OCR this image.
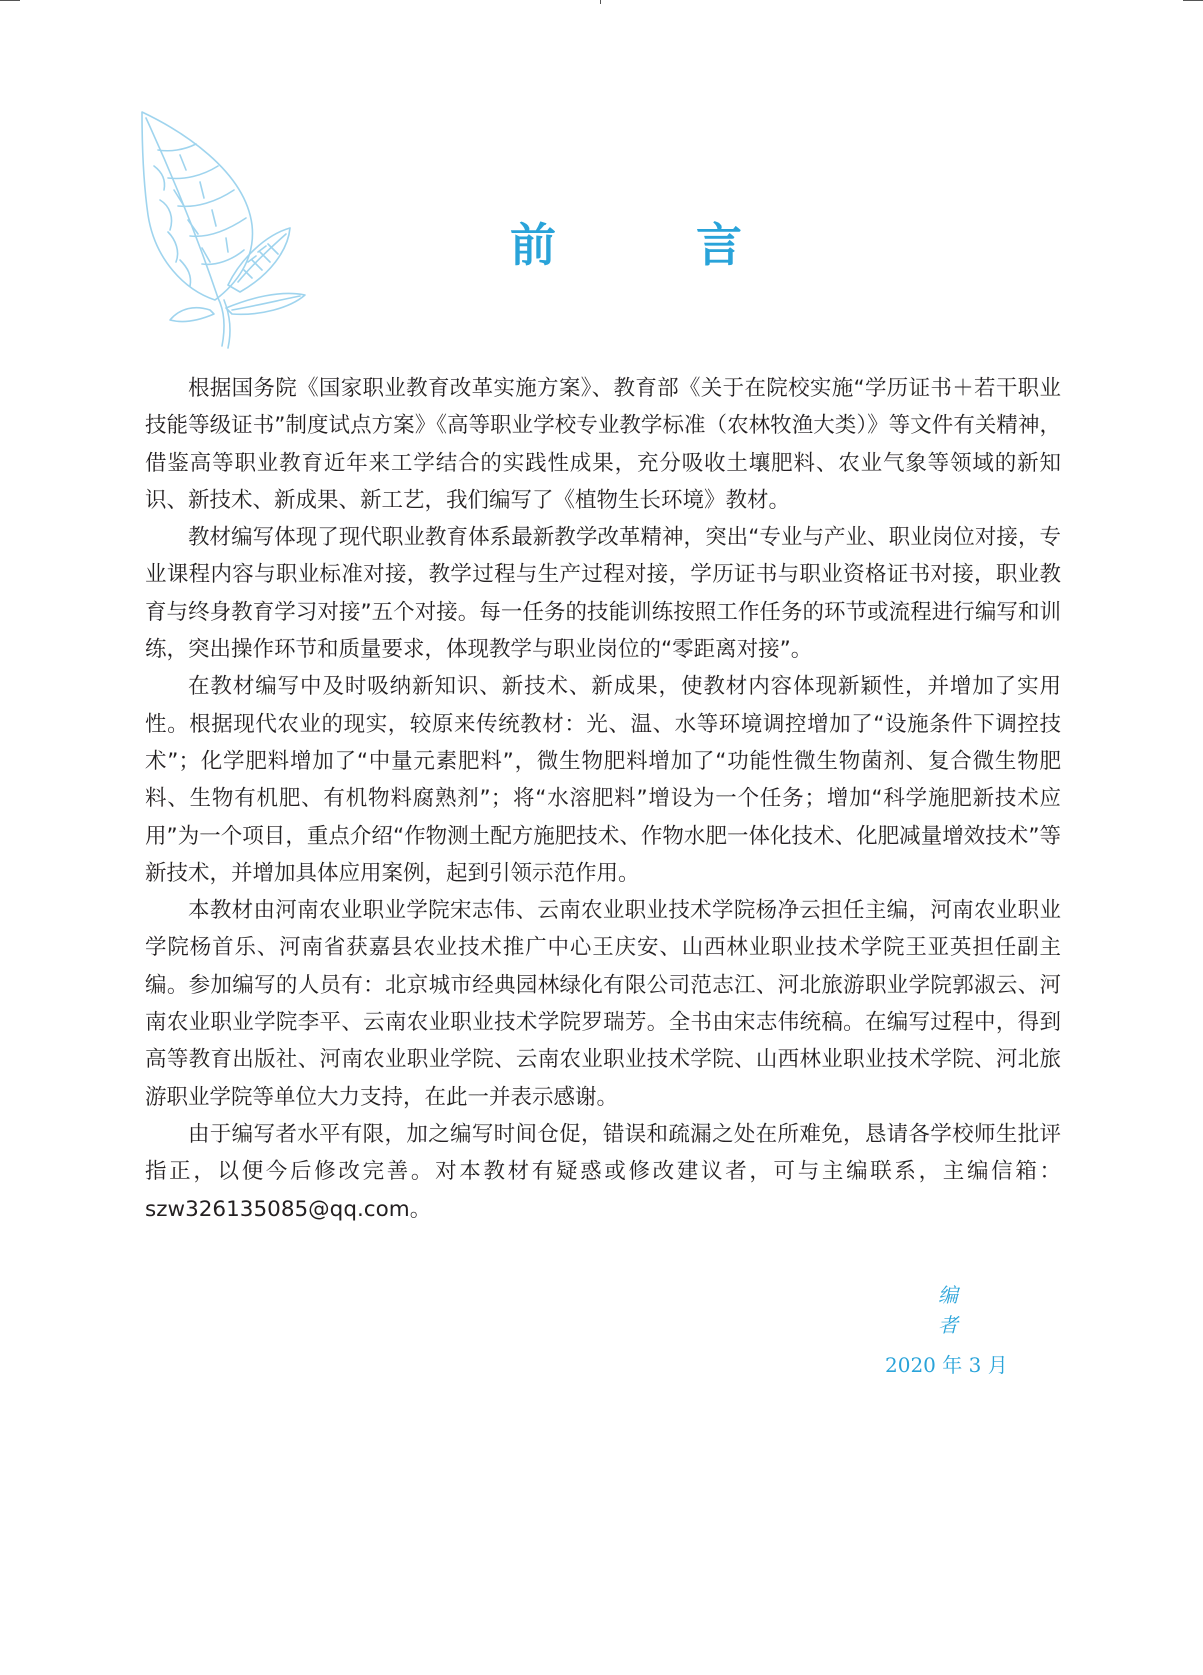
前 言

根据国务院《国家职业教育改革实施方案》、教育部《关于在院校实施“学历证书＋若干职业技能等级证书”制度试点方案》《高等职业学校专业教学标准（农林牧渔大类）》等文件有关精神，借鉴高等职业教育近年来工学结合的实践性成果，充分吸收土壤肥料、农业气象等领域的新知识、新技术、新成果、新工艺，我们编写了《植物生长环境》教材。

教材编写体现了现代职业教育体系最新教学改革精神，突出“专业与产业、职业岗位对接，专业课程内容与职业标准对接，教学过程与生产过程对接，学历证书与职业资格证书对接，职业教育与终身教育学习对接”五个对接。每一任务的技能训练按照工作任务的环节或流程进行编写和训练，突出操作环节和质量要求，体现教学与职业岗位的“零距离对接”。

在教材编写中及时吸纳新知识、新技术、新成果，使教材内容体现新颖性，并增加了实用性。根据现代农业的现实，较原来传统教材：光、温、水等环境调控增加了“设施条件下调控技术”；化学肥料增加了“中量元素肥料”，微生物肥料增加了“功能性微生物菌剂、复合微生物肥料、生物有机肥、有机物料腐熟剂”；将“水溶肥料”增设为一个任务；增加“科学施肥新技术应用”为一个项目，重点介绍“作物测土配方施肥技术、作物水肥一体化技术、化肥减量增效技术”等新技术，并增加具体应用案例，起到引领示范作用。

本教材由河南农业职业学院宋志伟、云南农业职业技术学院杨净云担任主编，河南农业职业学院杨首乐、河南省获嘉县农业技术推广中心王庆安、山西林业职业技术学院王亚英担任副主编。参加编写的人员有：北京城市经典园林绿化有限公司范志江、河北旅游职业学院郭淑云、河南农业职业学院李平、云南农业职业技术学院罗瑞芳。全书由宋志伟统稿。在编写过程中，得到高等教育出版社、河南农业职业学院、云南农业职业技术学院、山西林业职业技术学院、河北旅游职业学院等单位大力支持，在此一并表示感谢。

由于编写者水平有限，加之编写时间仓促，错误和疏漏之处在所难免，恳请各学校师生批评指正，以便今后修改完善。对本教材有疑惑或修改建议者，可与主编联系，主编信箱：szw326135085@qq.com。

编者
2020 年 3 月
